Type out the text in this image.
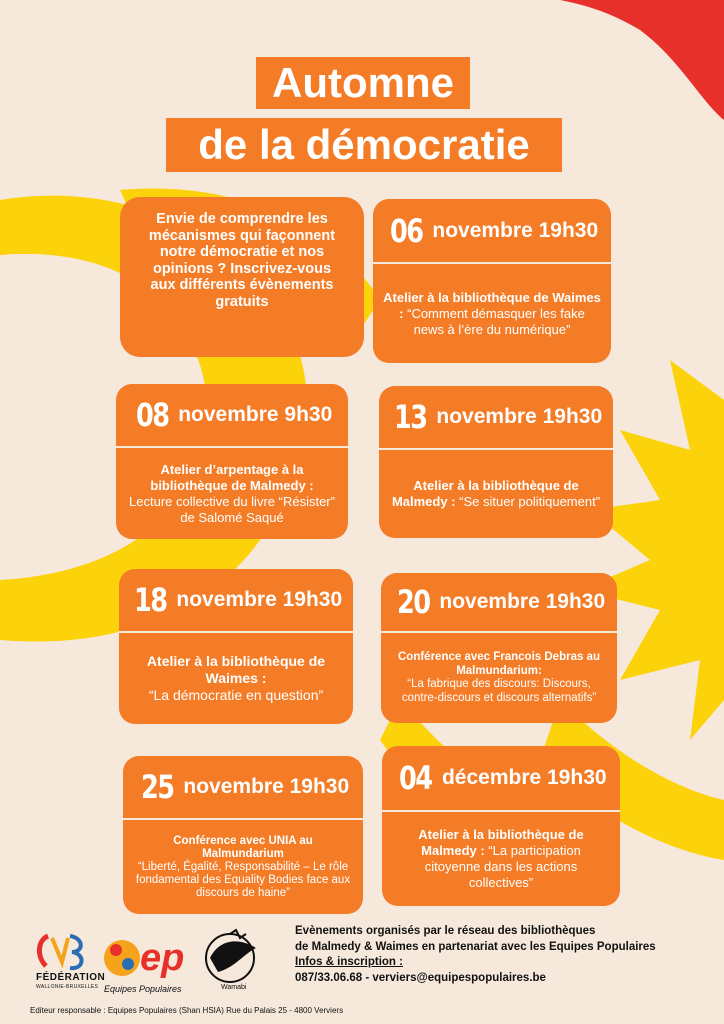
Automne
de la démocratie
Envie de comprendre les mécanismes qui façonnent notre démocratie et nos opinions ? Inscrivez-vous aux différents évènements gratuits
06 novembre 19h30
Atelier à la bibliothèque de Waimes : “Comment démasquer les fake news à l’ère du numérique”
08 novembre 9h30
Atelier d’arpentage à la bibliothèque de Malmedy :
Lecture collective du livre “Résister” de Salomé Saqué
13 novembre 19h30
Atelier à la bibliothèque de Malmedy : “Se situer politiquement”
18 novembre 19h30
Atelier à la bibliothèque de Waimes :
“La démocratie en question”
20 novembre 19h30
Conférence avec Francois Debras au Malmundarium:
“La fabrique des discours: Discours, contre-discours et discours alternatifs”
25 novembre 19h30
Conférence avec UNIA au Malmundarium
“Liberté, Égalité, Responsabilité – Le rôle fondamental des Equality Bodies face aux discours de haine”
04 décembre 19h30
Atelier à la bibliothèque de Malmedy : “La participation citoyenne dans les actions collectives”
FÉDÉRATION
WALLONIE-BRUXELLES
ep
Equipes Populaires	Wamabi
Evènements organisés par le réseau des bibliothèques
de Malmedy & Waimes en partenariat avec les Equipes Populaires
Infos & inscription :
087/33.06.68 - verviers@equipespopulaires.be
Editeur responsable : Equipes Populaires (Shan HSIA) Rue du Palais 25 - 4800 Verviers
